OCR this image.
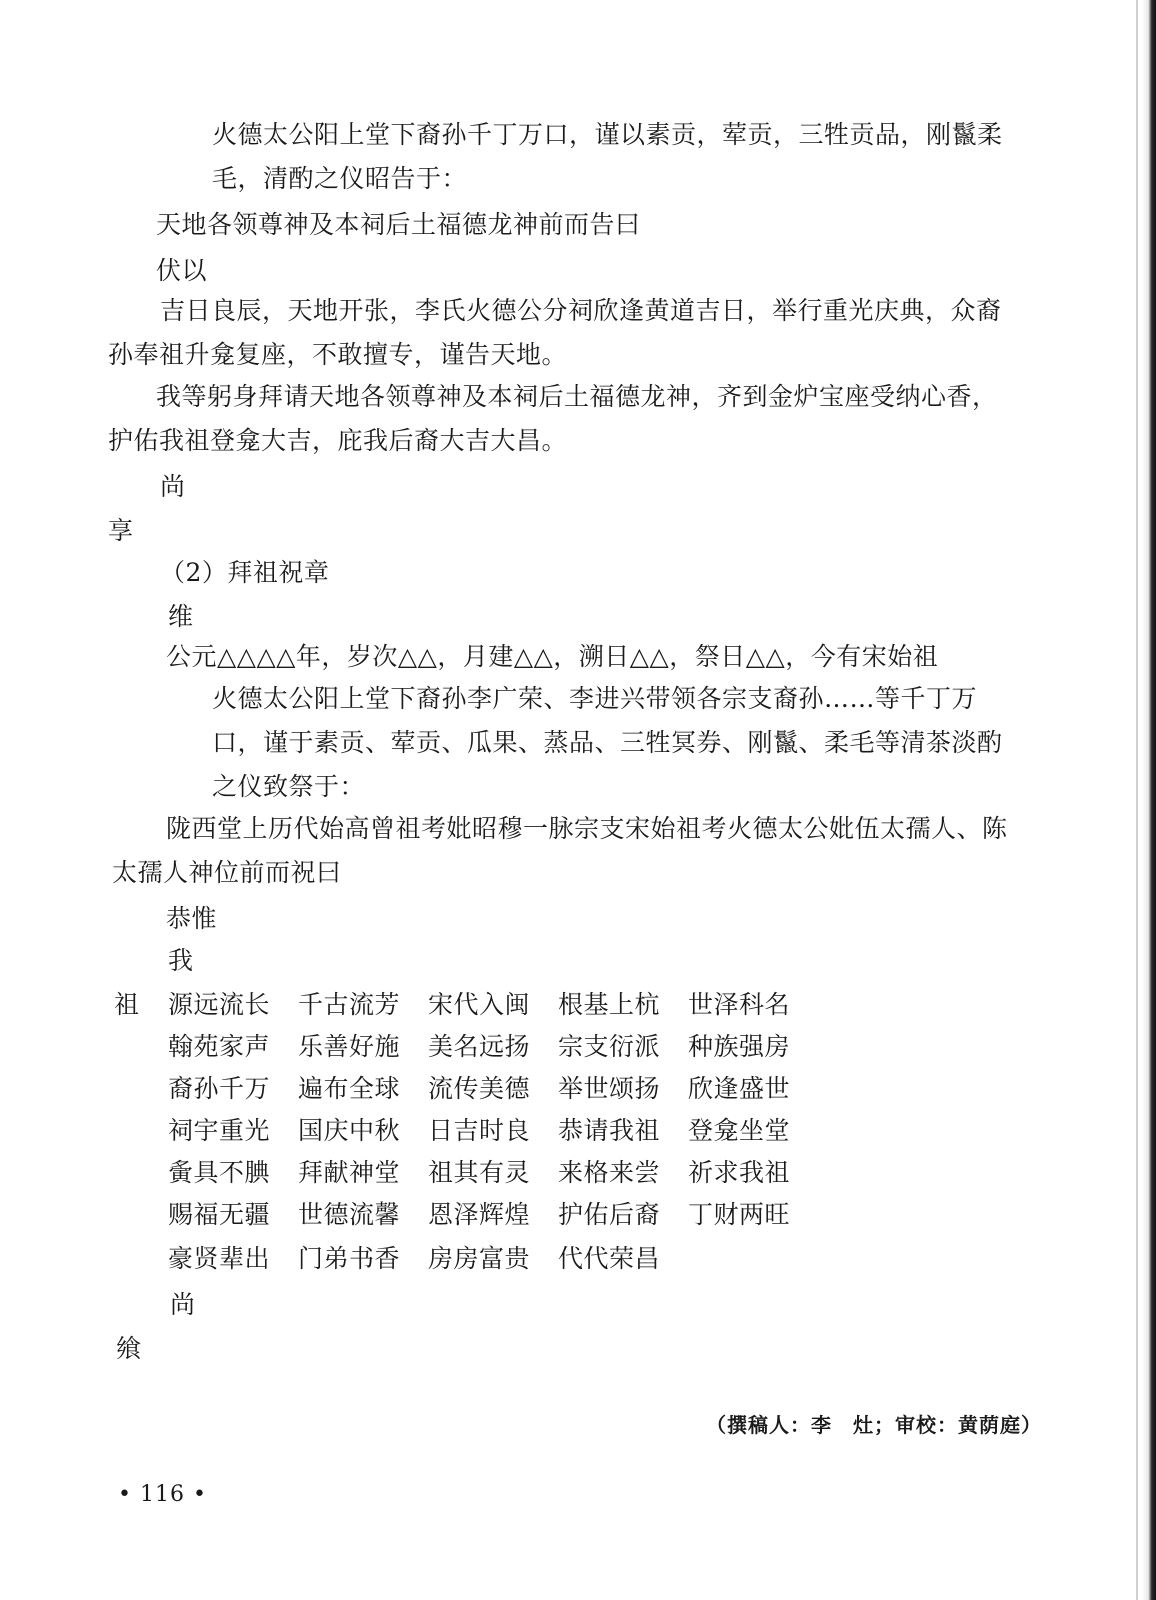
火德太公阳上堂下裔孙千丁万口，谨以素贡，荤贡，三牲贡品，刚鬣柔
毛，清酌之仪昭告于：
天地各领尊神及本祠后土福德龙神前而告曰
伏以
吉日良辰，天地开张，李氏火德公分祠欣逢黄道吉日，举行重光庆典，众裔
孙奉祖升龛复座，不敢擅专，谨告天地。
我等躬身拜请天地各领尊神及本祠后土福德龙神，齐到金炉宝座受纳心香，
护佑我祖登龛大吉，庇我后裔大吉大昌。
尚
享
（2）拜祖祝章
维
公元△△△△年，岁次△△，月建△△，溯日△△，祭日△△，今有宋始祖
火德太公阳上堂下裔孙李广荣、李进兴带领各宗支裔孙……等千丁万
口，谨于素贡、荤贡、瓜果、蒸品、三牲冥券、刚鬣、柔毛等清茶淡酌
之仪致祭于：
陇西堂上历代始高曾祖考妣昭穆一脉宗支宋始祖考火德太公妣伍太孺人、陈
太孺人神位前而祝曰
恭惟
我
祖 源远流长 千古流芳 宋代入闽 根基上杭 世泽科名
翰苑家声 乐善好施 美名远扬 宗支衍派 种族强房
裔孙千万 遍布全球 流传美德 举世颂扬 欣逢盛世
祠宇重光 国庆中秋 日吉时良 恭请我祖 登龛坐堂
夤具不腆 拜献神堂 祖其有灵 来格来尝 祈求我祖
赐福无疆 世德流馨 恩泽辉煌 护佑后裔 丁财两旺
豪贤辈出 门弟书香 房房富贵 代代荣昌
尚
飨
（撰稿人：李　灶；审校：黄荫庭）
• 116 •
